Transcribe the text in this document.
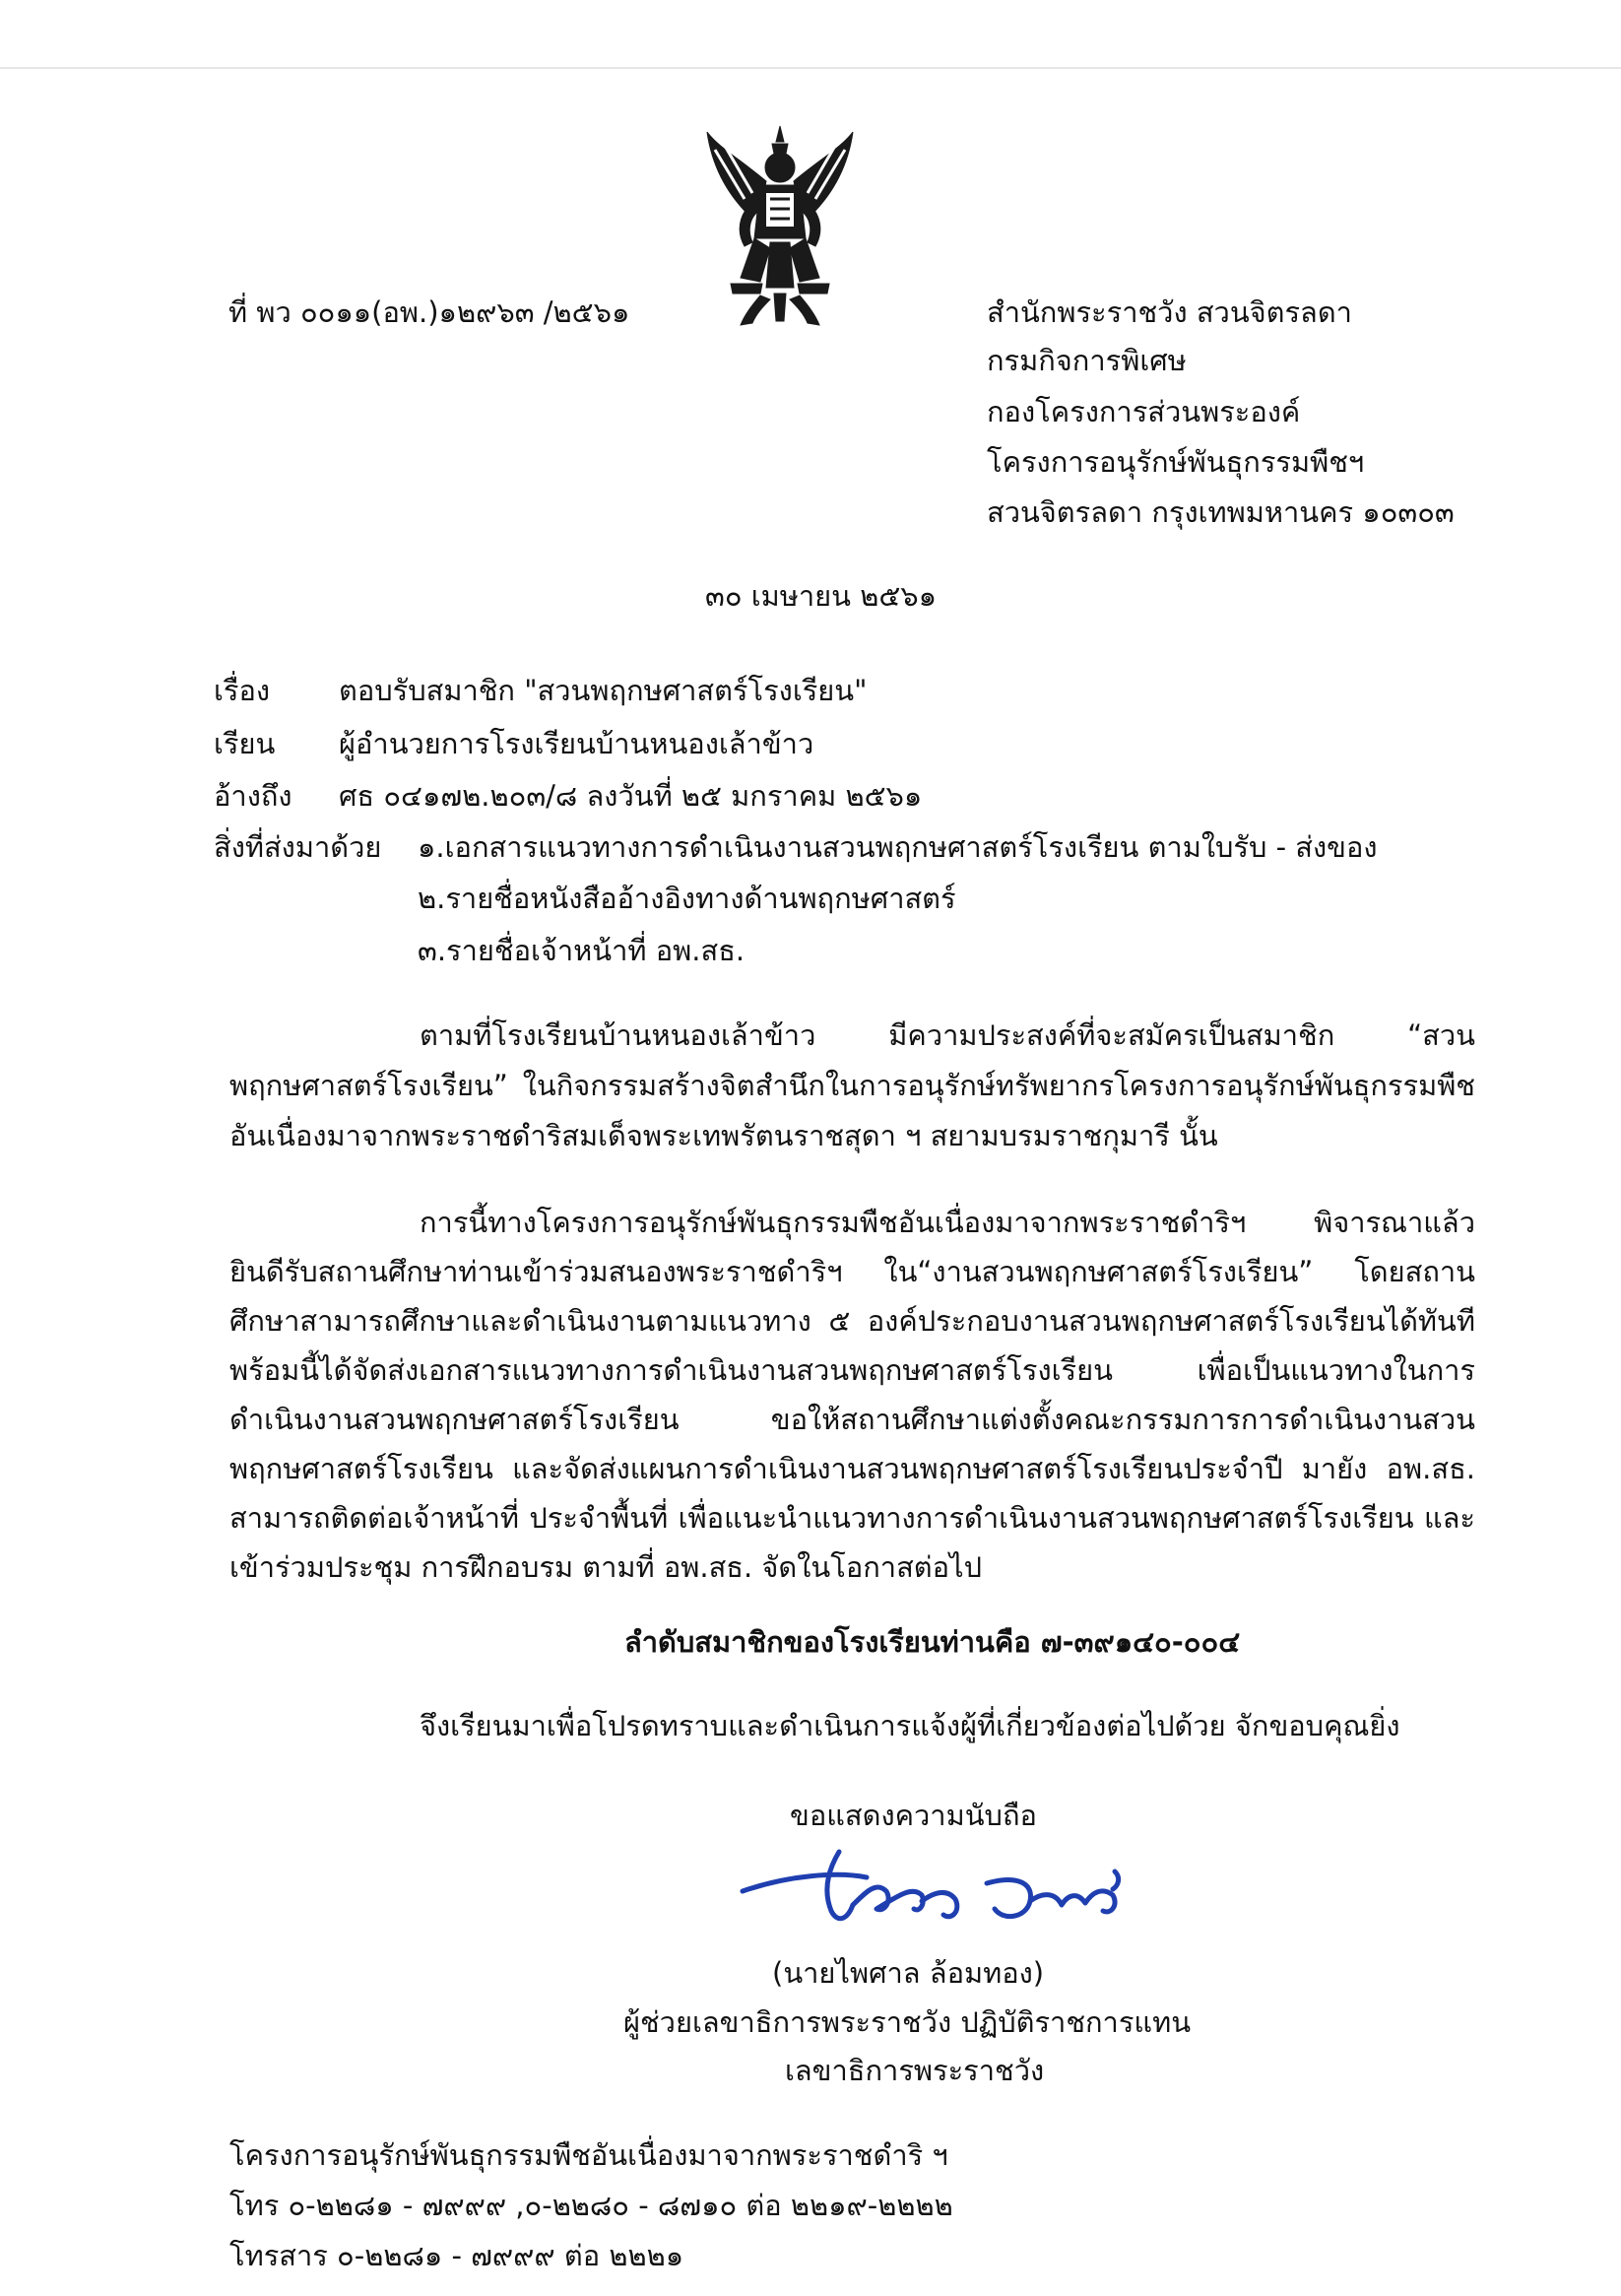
ที่ พว ๐๐๑๑(อพ.)๑๒๙๖๓ /๒๕๖๑	สำนักพระราชวัง สวนจิตรลดา
กรมกิจการพิเศษ
กองโครงการส่วนพระองค์
โครงการอนุรักษ์พันธุกรรมพืชฯ
สวนจิตรลดา กรุงเทพมหานคร ๑๐๓๐๓
๓๐ เมษายน ๒๕๖๑
เรื่อง ตอบรับสมาชิก "สวนพฤกษศาสตร์โรงเรียน"
เรียน ผู้อำนวยการโรงเรียนบ้านหนองเล้าข้าว
อ้างถึง ศธ ๐๔๑๗๒.๒๐๓/๘ ลงวันที่ ๒๕ มกราคม ๒๕๖๑
สิ่งที่ส่งมาด้วย ๑.เอกสารแนวทางการดำเนินงานสวนพฤกษศาสตร์โรงเรียน ตามใบรับ - ส่งของ
๒.รายชื่อหนังสืออ้างอิงทางด้านพฤกษศาสตร์
๓.รายชื่อเจ้าหน้าที่ อพ.สธ.

ตามที่โรงเรียนบ้านหนองเล้าข้าว มีความประสงค์ที่จะสมัครเป็นสมาชิก “สวนพฤกษศาสตร์โรงเรียน” ในกิจกรรมสร้างจิตสำนึกในการอนุรักษ์ทรัพยากรโครงการอนุรักษ์พันธุกรรมพืชอันเนื่องมาจากพระราชดำริสมเด็จพระเทพรัตนราชสุดา ฯ สยามบรมราชกุมารี นั้น

การนี้ทางโครงการอนุรักษ์พันธุกรรมพืชอันเนื่องมาจากพระราชดำริฯ พิจารณาแล้ว ยินดีรับสถานศึกษาท่านเข้าร่วมสนองพระราชดำริฯ ใน“งานสวนพฤกษศาสตร์โรงเรียน” โดยสถานศึกษาสามารถศึกษาและดำเนินงานตามแนวทาง ๕ องค์ประกอบงานสวนพฤกษศาสตร์โรงเรียนได้ทันที พร้อมนี้ได้จัดส่งเอกสารแนวทางการดำเนินงานสวนพฤกษศาสตร์โรงเรียน เพื่อเป็นแนวทางในการดำเนินงานสวนพฤกษศาสตร์โรงเรียน ขอให้สถานศึกษาแต่งตั้งคณะกรรมการการดำเนินงานสวนพฤกษศาสตร์โรงเรียน และจัดส่งแผนการดำเนินงานสวนพฤกษศาสตร์โรงเรียนประจำปี มายัง อพ.สธ. สามารถติดต่อเจ้าหน้าที่ ประจำพื้นที่ เพื่อแนะนำแนวทางการดำเนินงานสวนพฤกษศาสตร์โรงเรียน และเข้าร่วมประชุม การฝึกอบรม ตามที่ อพ.สธ. จัดในโอกาสต่อไป

ลำดับสมาชิกของโรงเรียนท่านคือ ๗-๓๙๑๔๐-๐๐๔
จึงเรียนมาเพื่อโปรดทราบและดำเนินการแจ้งผู้ที่เกี่ยวข้องต่อไปด้วย จักขอบคุณยิ่ง
ขอแสดงความนับถือ
(นายไพศาล ล้อมทอง)
ผู้ช่วยเลขาธิการพระราชวัง ปฏิบัติราชการแทน
เลขาธิการพระราชวัง
โครงการอนุรักษ์พันธุกรรมพืชอันเนื่องมาจากพระราชดำริ ฯ
โทร ๐-๒๒๘๑ - ๗๙๙๙ ,๐-๒๒๘๐ - ๘๗๑๐ ต่อ ๒๒๑๙-๒๒๒๒
โทรสาร ๐-๒๒๘๑ - ๗๙๙๙ ต่อ ๒๒๒๑
